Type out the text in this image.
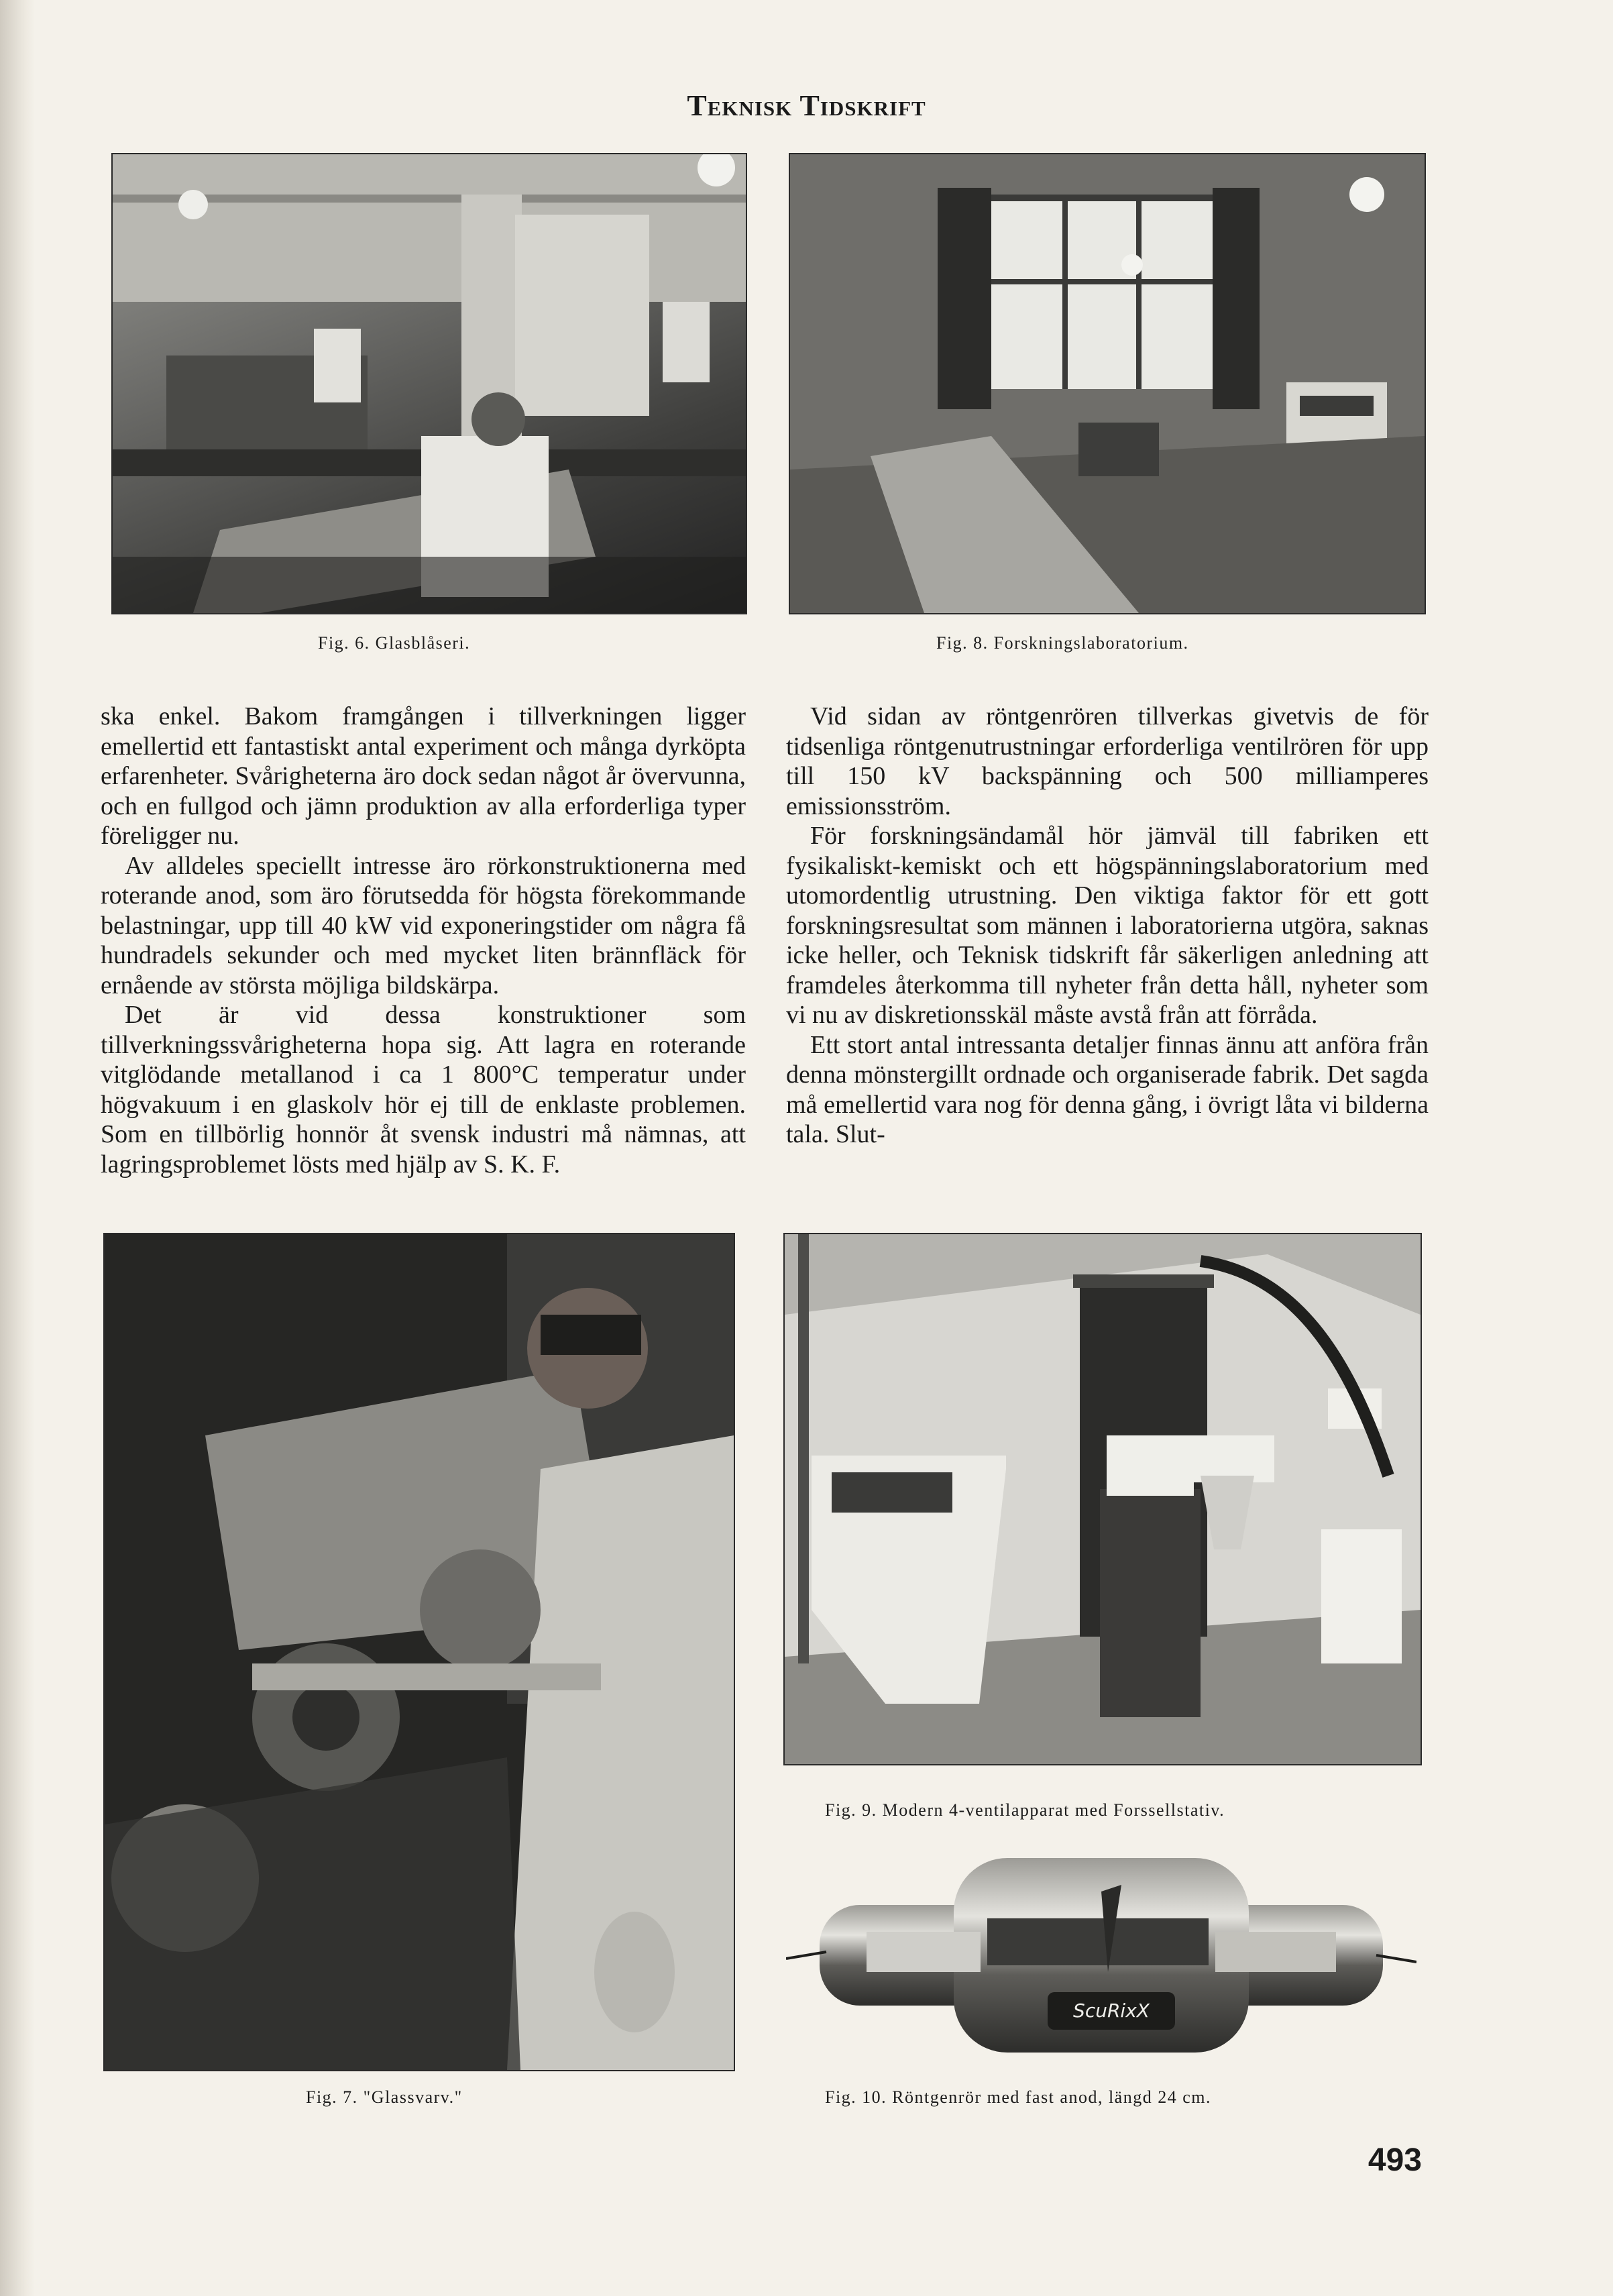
Teknisk Tidskrift
Fig. 6. Glasblåseri.	Fig. 8. Forskningslaboratorium.

ska enkel. Bakom framgången i tillverkningen ligger emellertid ett fantastiskt antal experiment och många dyrköpta erfarenheter. Svårigheterna äro dock sedan något år övervunna, och en fullgod och jämn produktion av alla erforderliga typer föreligger nu.

Av alldeles speciellt intresse äro rörkonstruktionerna med roterande anod, som äro förutsedda för högsta förekommande belastningar, upp till 40 kW vid exponeringstider om några få hundradels sekunder och med mycket liten brännfläck för ernående av största möjliga bildskärpa.

Det är vid dessa konstruktioner som tillverkningssvårigheterna hopa sig. Att lagra en roterande vitglödande metallanod i ca 1 800°C temperatur under högvakuum i en glaskolv hör ej till de enklaste problemen. Som en tillbörlig honnör åt svensk industri må nämnas, att lagringsproblemet lösts med hjälp av S. K. F.

Vid sidan av röntgenrören tillverkas givetvis de för tidsenliga röntgenutrustningar erforderliga ventilrören för upp till 150 kV backspänning och 500 milliamperes emissionsström.

För forskningsändamål hör jämväl till fabriken ett fysikaliskt-kemiskt och ett högspänningslaboratorium med utomordentlig utrustning. Den viktiga faktor för ett gott forskningsresultat som männen i laboratorierna utgöra, saknas icke heller, och Teknisk tidskrift får säkerligen anledning att framdeles återkomma till nyheter från detta håll, nyheter som vi nu av diskretionsskäl måste avstå från att förråda.

Ett stort antal intressanta detaljer finnas ännu att anföra från denna mönstergillt ordnade och organiserade fabrik. Det sagda må emellertid vara nog för denna gång, i övrigt låta vi bilderna tala. Slut-

Fig. 7. "Glassvarv."
Fig. 9. Modern 4-ventilapparat med Forssellstativ.
ScuRixX
Fig. 10. Röntgenrör med fast anod, längd 24 cm.
493
